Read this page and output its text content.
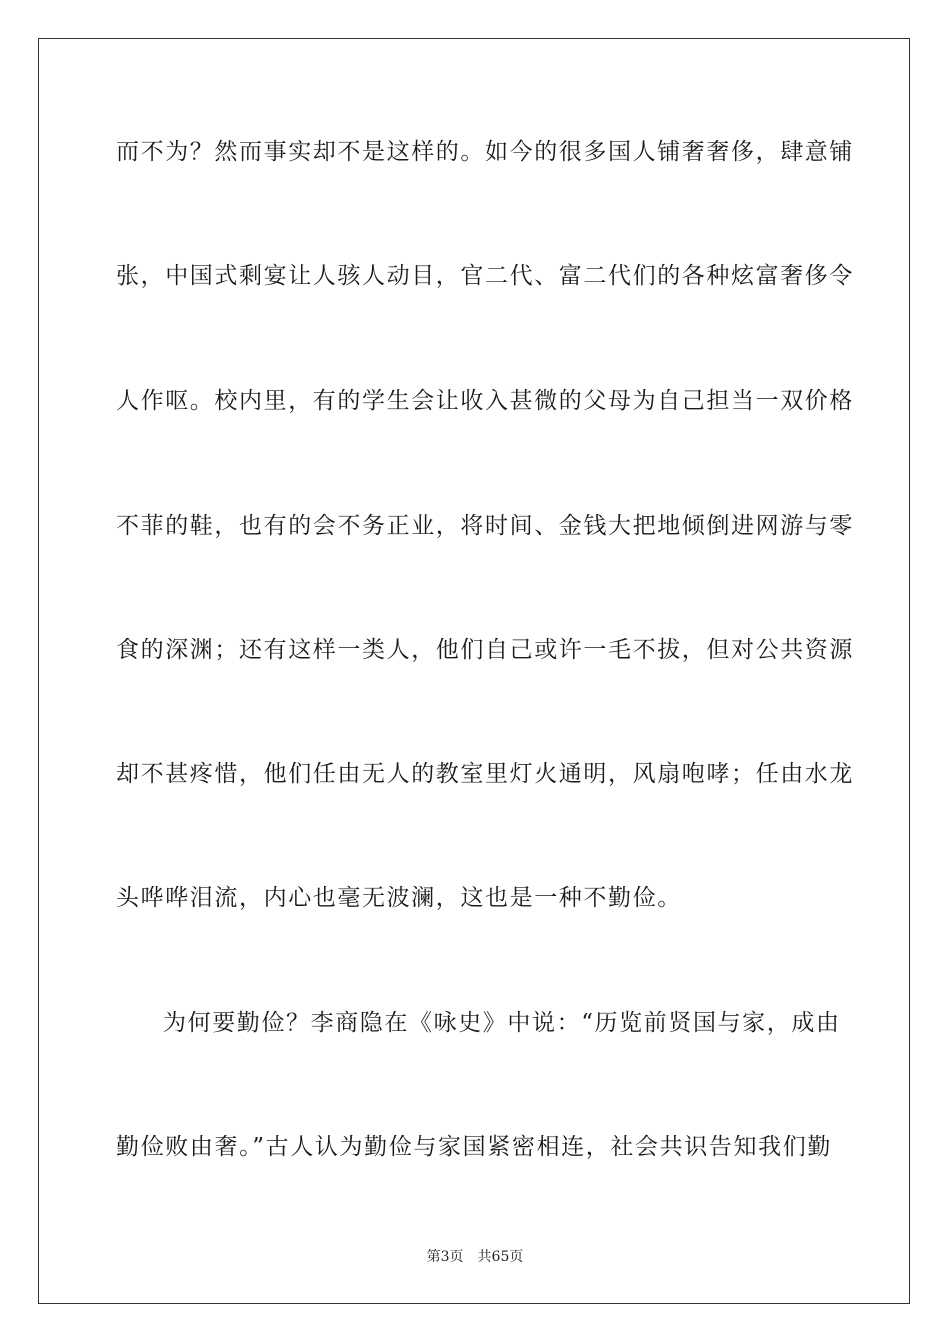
而不为？然而事实却不是这样的。如今的很多国人铺奢奢侈，肆意铺
张，中国式剩宴让人骇人动目，官二代、富二代们的各种炫富奢侈令
人作呕。校内里，有的学生会让收入甚微的父母为自己担当一双价格
不菲的鞋，也有的会不务正业，将时间、金钱大把地倾倒进网游与零
食的深渊；还有这样一类人，他们自己或许一毛不拔，但对公共资源
却不甚疼惜，他们任由无人的教室里灯火通明，风扇咆哮；任由水龙
头哗哗泪流，内心也毫无波澜，这也是一种不勤俭。
为何要勤俭？李商隐在《咏史》中说：“历览前贤国与家，成由
勤俭败由奢。”古人认为勤俭与家国紧密相连，社会共识告知我们勤
第3页 共65页
